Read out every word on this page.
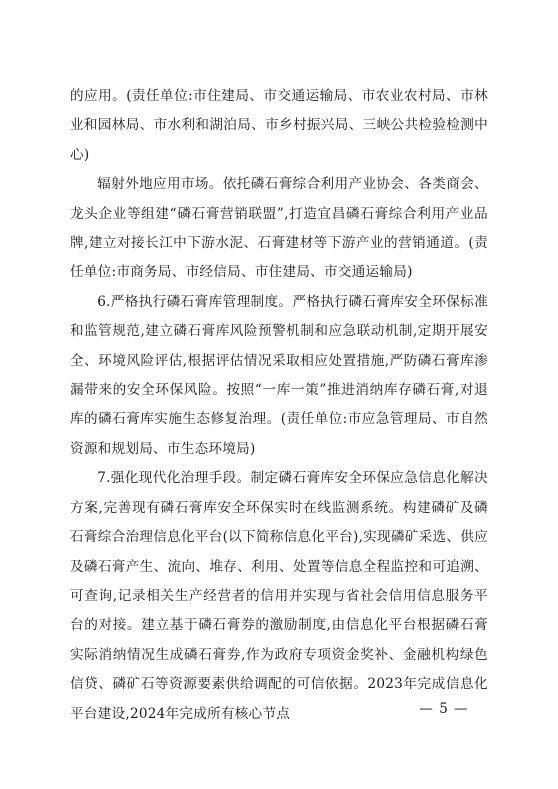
的应用。(责任单位:市住建局、市交通运输局、市农业农村局、市林业和园林局、市水利和湖泊局、市乡村振兴局、三峡公共检验检测中心)

辐射外地应用市场。依托磷石膏综合利用产业协会、各类商会、龙头企业等组建“磷石膏营销联盟”,打造宜昌磷石膏综合利用产业品牌,建立对接长江中下游水泥、石膏建材等下游产业的营销通道。(责任单位:市商务局、市经信局、市住建局、市交通运输局)

6.严格执行磷石膏库管理制度。严格执行磷石膏库安全环保标准和监管规范,建立磷石膏库风险预警机制和应急联动机制,定期开展安全、环境风险评估,根据评估情况采取相应处置措施,严防磷石膏库渗漏带来的安全环保风险。按照“一库一策”推进消纳库存磷石膏,对退库的磷石膏库实施生态修复治理。(责任单位:市应急管理局、市自然资源和规划局、市生态环境局)

7.强化现代化治理手段。制定磷石膏库安全环保应急信息化解决方案,完善现有磷石膏库安全环保实时在线监测系统。构建磷矿及磷石膏综合治理信息化平台(以下简称信息化平台),实现磷矿采选、供应及磷石膏产生、流向、堆存、利用、处置等信息全程监控和可追溯、可查询,记录相关生产经营者的信用并实现与省社会信用信息服务平台的对接。建立基于磷石膏券的激励制度,由信息化平台根据磷石膏实际消纳情况生成磷石膏券,作为政府专项资金奖补、金融机构绿色信贷、磷矿石等资源要素供给调配的可信依据。2023年完成信息化平台建设,2024年完成所有核心节点	— 5 —
